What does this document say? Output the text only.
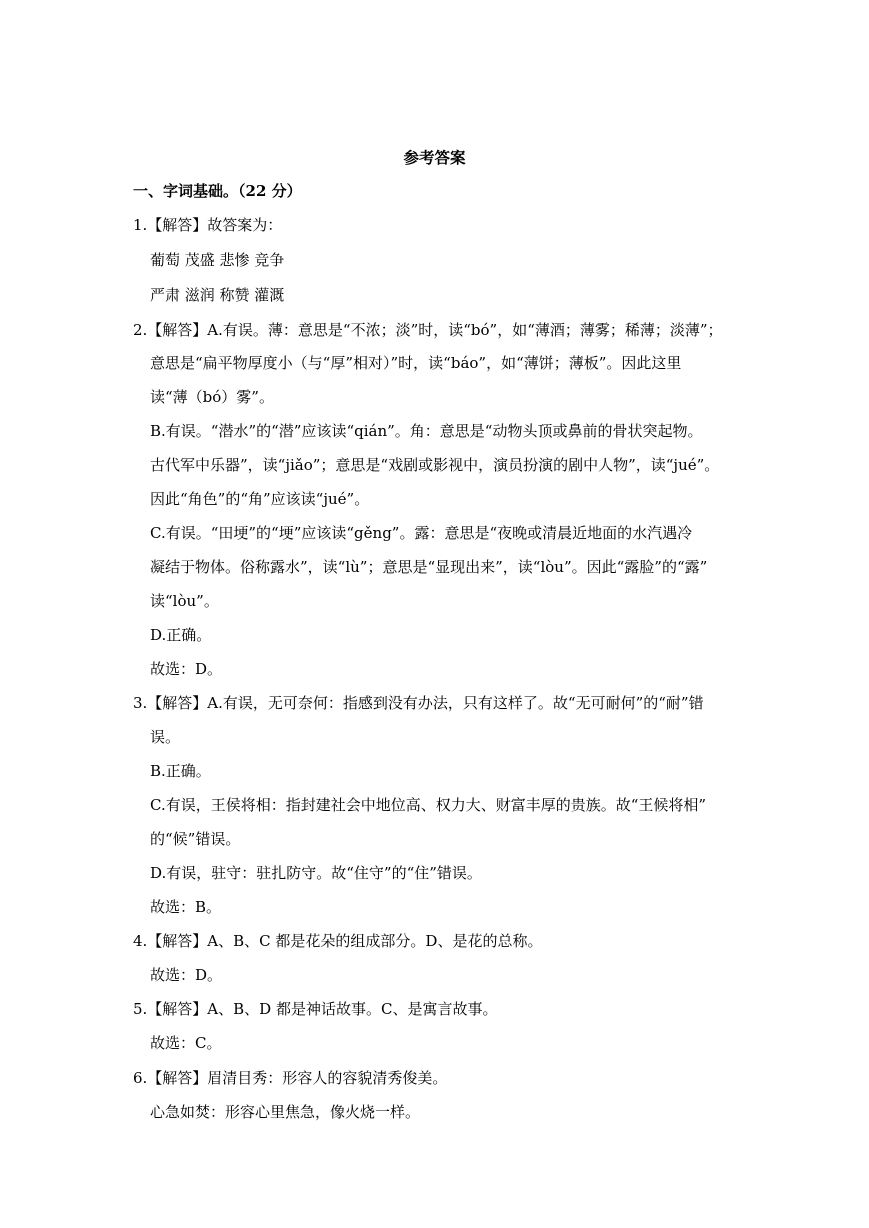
参考答案
一、字词基础。（22 分）
1.【解答】故答案为：
葡萄 茂盛 悲惨 竞争
严肃 滋润 称赞 灌溉
2.【解答】A.有误。薄：意思是“不浓；淡”时，读“bó”，如“薄酒；薄雾；稀薄；淡薄”；
意思是“扁平物厚度小（与“厚”相对）”时，读“báo”，如“薄饼；薄板”。因此这里
读“薄（bó）雾”。
B.有误。“潜水”的“潜”应该读“qián”。角：意思是“动物头顶或鼻前的骨状突起物。
古代军中乐器”，读“jiǎo”；意思是“戏剧或影视中，演员扮演的剧中人物”，读“jué”。
因此“角色”的“角”应该读“jué”。
C.有误。“田埂”的“埂”应该读“gěng”。露：意思是“夜晚或清晨近地面的水汽遇冷
凝结于物体。俗称露水”，读“lù”；意思是“显现出来”，读“lòu”。因此“露脸”的“露”
读“lòu”。
D.正确。
故选：D。
3.【解答】A.有误，无可奈何：指感到没有办法，只有这样了。故“无可耐何”的“耐”错
误。
B.正确。
C.有误，王侯将相：指封建社会中地位高、权力大、财富丰厚的贵族。故“王候将相”
的“候”错误。
D.有误，驻守：驻扎防守。故“住守”的“住”错误。
故选：B。
4.【解答】A、B、C 都是花朵的组成部分。D、是花的总称。
故选：D。
5.【解答】A、B、D 都是神话故事。C、是寓言故事。
故选：C。
6.【解答】眉清目秀：形容人的容貌清秀俊美。
心急如焚：形容心里焦急，像火烧一样。
